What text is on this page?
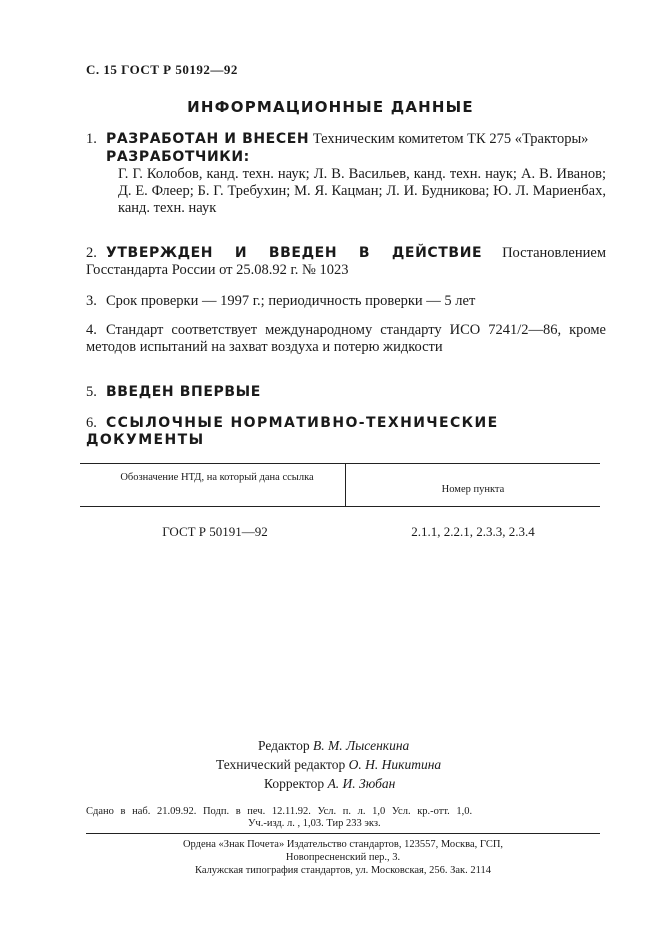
С. 15 ГОСТ Р 50192—92
ИНФОРМАЦИОННЫЕ ДАННЫЕ
1. РАЗРАБОТАН И ВНЕСЕН Техническим комитетом ТК 275 «Тракторы»
РАЗРАБОТЧИКИ:
Г. Г. Колобов, канд. техн. наук; Л. В. Васильев, канд. техн. наук; А. В. Иванов; Д. Е. Флеер; Б. Г. Требухин; М. Я. Кацман; Л. И. Будникова; Ю. Л. Мариенбах, канд. техн. наук
2. УТВЕРЖДЕН И ВВЕДЕН В ДЕЙСТВИЕ Постановлением Госстандарта России от 25.08.92 г. № 1023
3. Срок проверки — 1997 г.; периодичность проверки — 5 лет
4. Стандарт соответствует международному стандарту ИСО 7241/2—86, кроме методов испытаний на захват воздуха и потерю жидкости
5. ВВЕДЕН ВПЕРВЫЕ
6. ССЫЛОЧНЫЕ НОРМАТИВНО-ТЕХНИЧЕСКИЕ ДОКУМЕНТЫ
Обозначение НТД, на который дана ссылка
Номер пункта
ГОСТ Р 50191—92	2.1.1, 2.2.1, 2.3.3, 2.3.4
Редактор В. М. Лысенкина
Технический редактор О. Н. Никитина
Корректор А. И. Зюбан
Сдано в наб. 21.09.92. Подп. в печ. 12.11.92. Усл. п. л. 1,0 Усл. кр.-отт. 1,0.
Уч.-изд. л. , 1,03. Тир 233 экз.
Ордена «Знак Почета» Издательство стандартов, 123557, Москва, ГСП,
Новопресненский пер., 3.
Калужская типография стандартов, ул. Московская, 256. Зак. 2114
